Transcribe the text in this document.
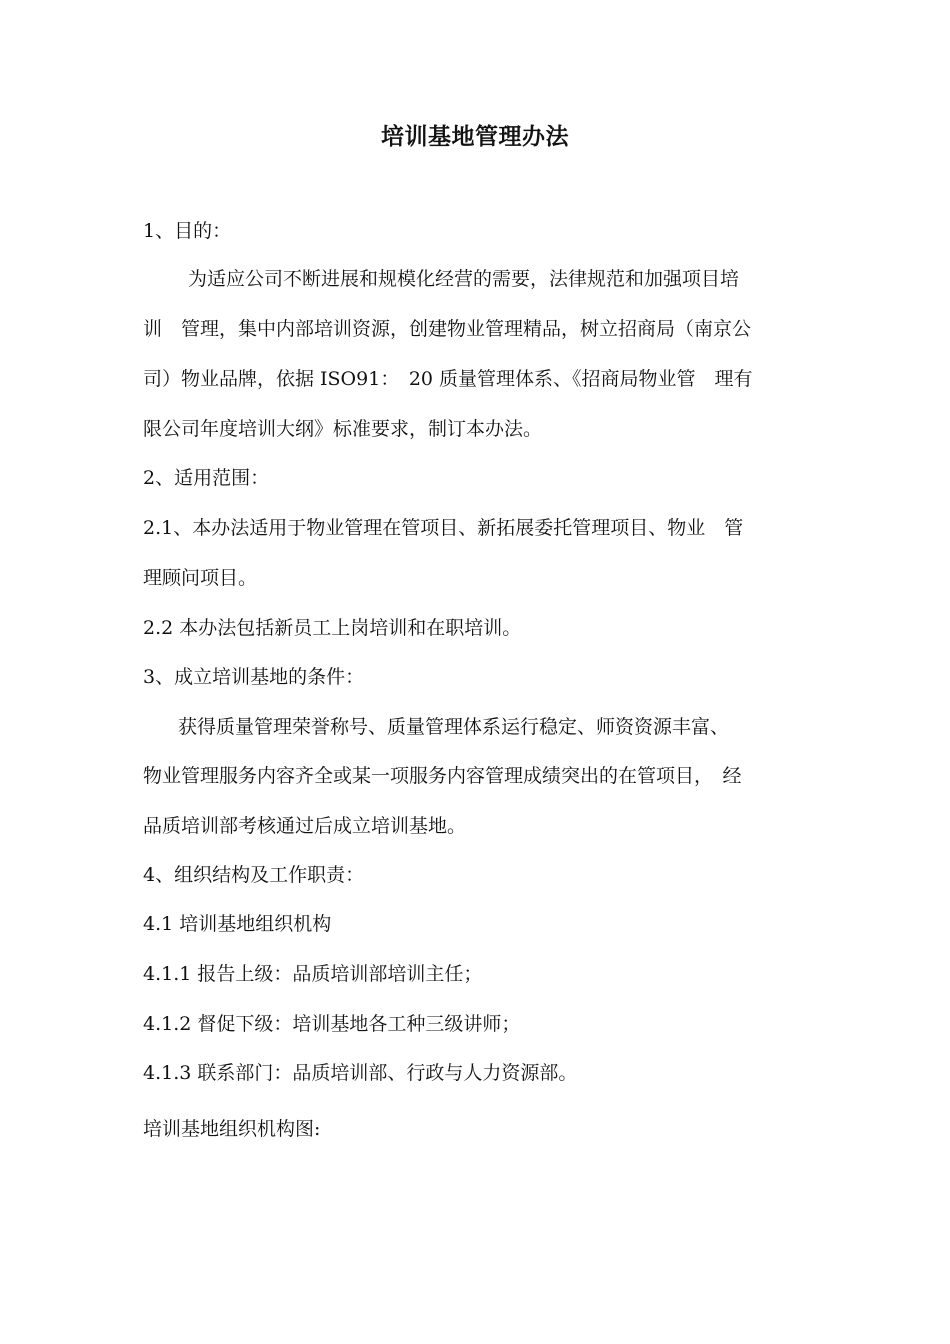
培训基地管理办法
1、目的：
为适应公司不断进展和规模化经营的需要，法律规范和加强项目培
训　管理，集中内部培训资源，创建物业管理精品，树立招商局（南京公
司）物业品牌，依据 ISO91：　20 质量管理体系、《招商局物业管　理有
限公司年度培训大纲》标准要求，制订本办法。
2、适用范围：
2.1、本办法适用于物业管理在管项目、新拓展委托管理项目、物业　管
理顾问项目。
2.2 本办法包括新员工上岗培训和在职培训。
3、成立培训基地的条件：
获得质量管理荣誉称号、质量管理体系运行稳定、师资资源丰富、
物业管理服务内容齐全或某一项服务内容管理成绩突出的在管项目，　经
品质培训部考核通过后成立培训基地。
4、组织结构及工作职责：
4.1 培训基地组织机构
4.1.1 报告上级：品质培训部培训主任；
4.1.2 督促下级：培训基地各工种三级讲师；
4.1.3 联系部门：品质培训部、行政与人力资源部。
培训基地组织机构图:
